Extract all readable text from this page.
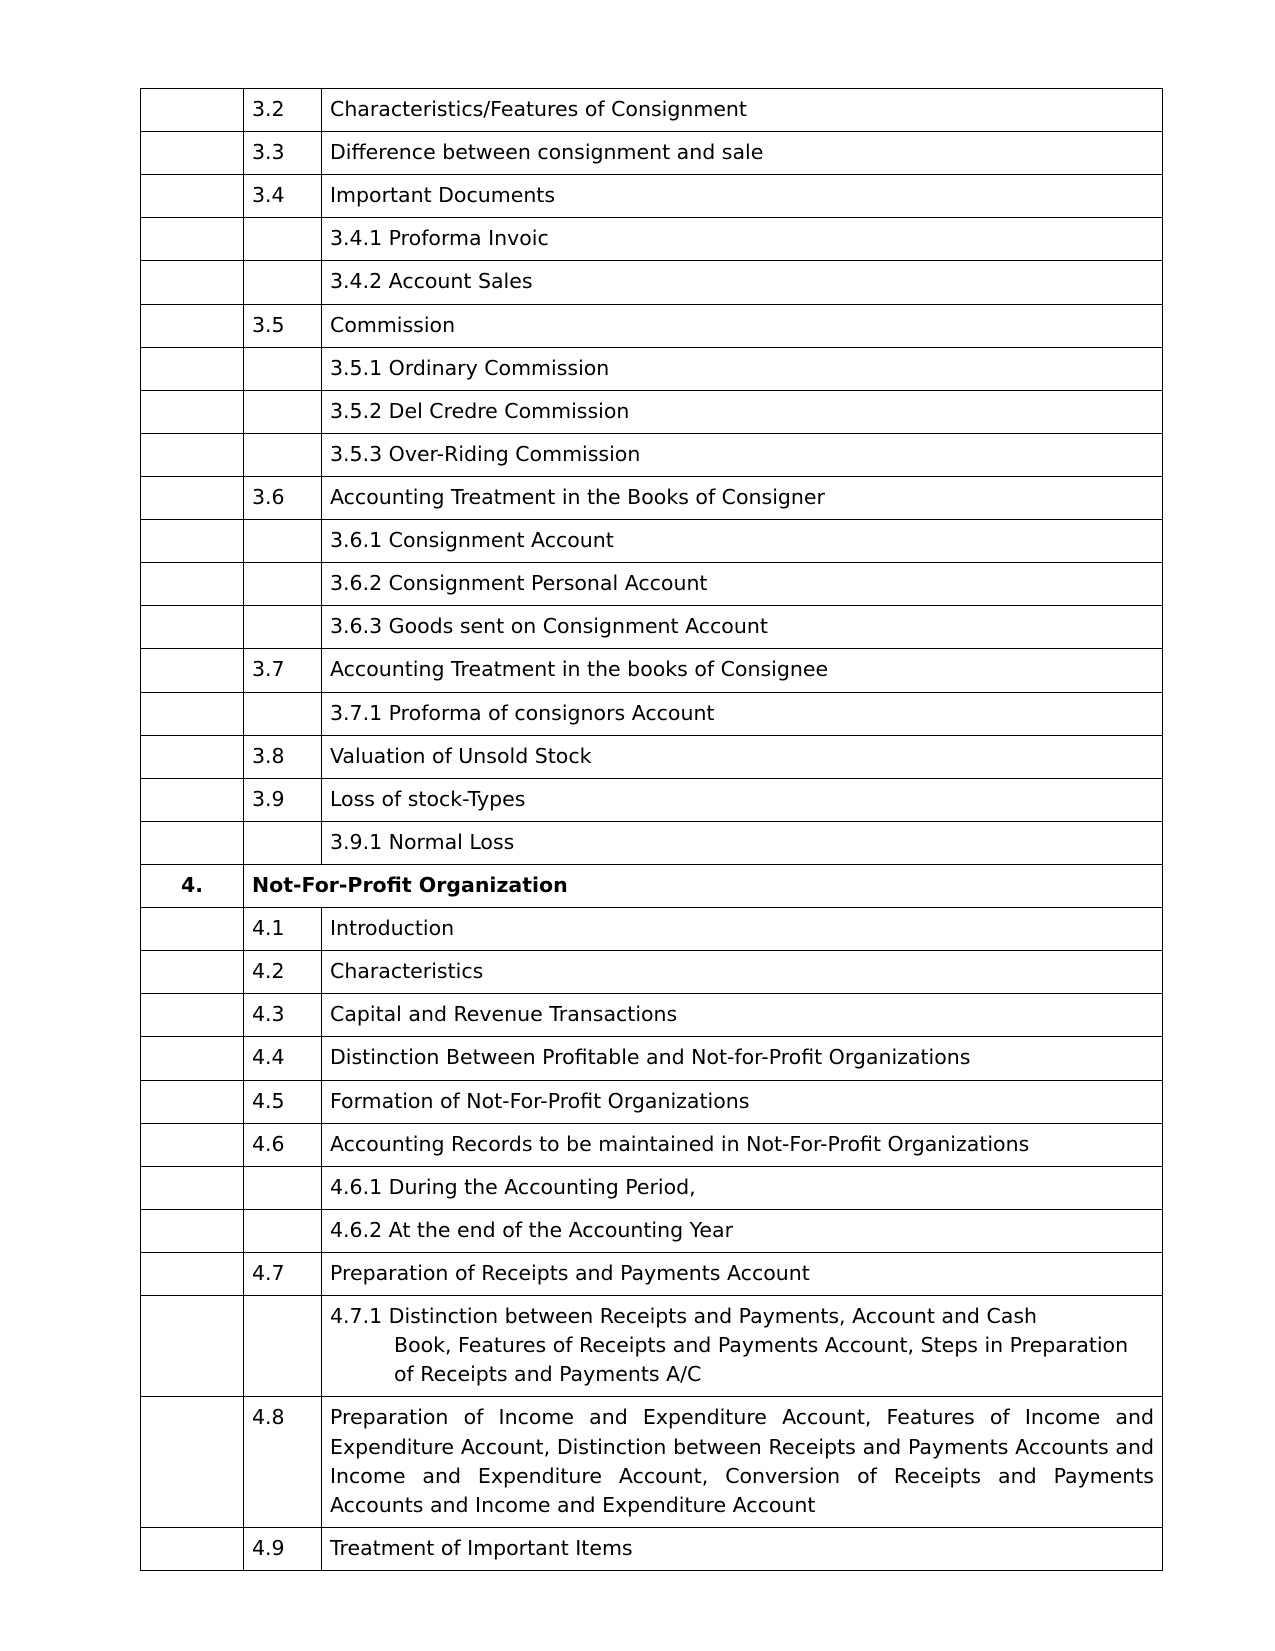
	3.2	Characteristics/Features of Consignment
	3.3	Difference between consignment and sale
	3.4	Important Documents
		3.4.1 Proforma Invoic
		3.4.2 Account Sales
	3.5	Commission
		3.5.1 Ordinary Commission
		3.5.2 Del Credre Commission
		3.5.3 Over-Riding Commission
	3.6	Accounting Treatment in the Books of Consigner
		3.6.1 Consignment Account
		3.6.2 Consignment Personal Account
		3.6.3 Goods sent on Consignment Account
	3.7	Accounting Treatment in the books of Consignee
		3.7.1 Proforma of consignors Account
	3.8	Valuation of Unsold Stock
	3.9	Loss of stock-Types
		3.9.1 Normal Loss
4.	Not-For-Profit Organization	
	4.1	Introduction
	4.2	Characteristics
	4.3	Capital and Revenue Transactions
	4.4	Distinction Between Profitable and Not-for-Profit Organizations
	4.5	Formation of Not-For-Profit Organizations
	4.6	Accounting Records to be maintained in Not-For-Profit Organizations
		4.6.1 During the Accounting Period,
		4.6.2 At the end of the Accounting Year
	4.7	Preparation of Receipts and Payments Account

		4.7.1 Distinction between Receipts and Payments, Account and Cash
Book, Features of Receipts and Payments Account, Steps in Preparation of Receipts and Payments A/C

	4.8	Preparation of Income and Expenditure Account, Features of Income and Expenditure Account, Distinction between Receipts and Payments Accounts and Income and Expenditure Account, Conversion of Receipts and Payments Accounts and Income and Expenditure Account
	4.9	Treatment of Important Items
